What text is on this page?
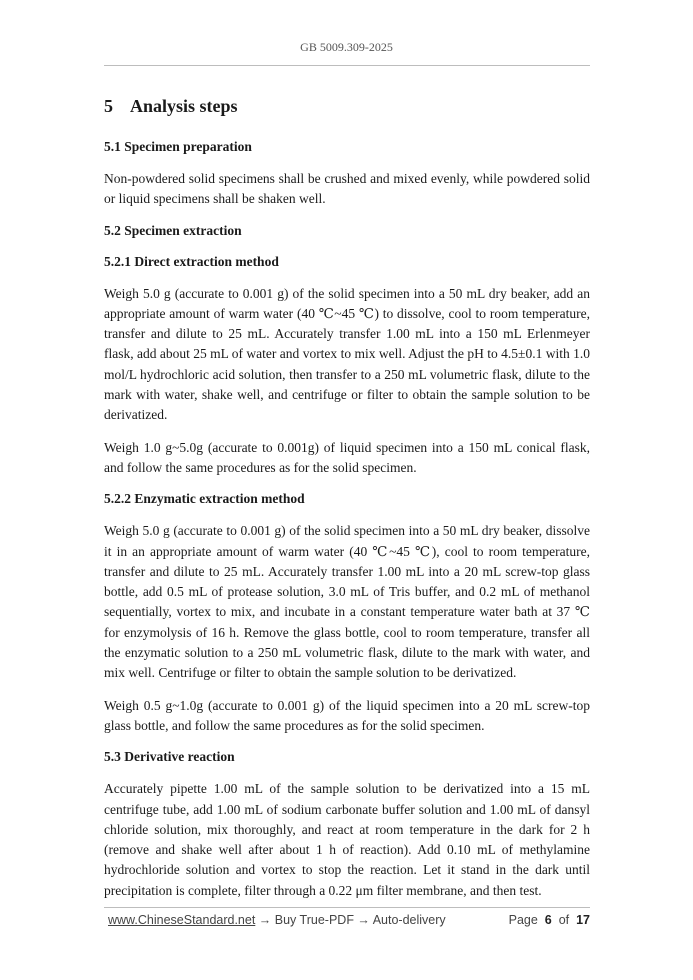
GB 5009.309-2025
5 Analysis steps
5.1 Specimen preparation

Non-powdered solid specimens shall be crushed and mixed evenly, while powdered solid or liquid specimens shall be shaken well.

5.2 Specimen extraction
5.2.1 Direct extraction method

Weigh 5.0 g (accurate to 0.001 g) of the solid specimen into a 50 mL dry beaker, add an appropriate amount of warm water (40 ℃~45 ℃) to dissolve, cool to room temperature, transfer and dilute to 25 mL. Accurately transfer 1.00 mL into a 150 mL Erlenmeyer flask, add about 25 mL of water and vortex to mix well. Adjust the pH to 4.5±0.1 with 1.0 mol/L hydrochloric acid solution, then transfer to a 250 mL volumetric flask, dilute to the mark with water, shake well, and centrifuge or filter to obtain the sample solution to be derivatized.

Weigh 1.0 g~5.0g (accurate to 0.001g) of liquid specimen into a 150 mL conical flask, and follow the same procedures as for the solid specimen.

5.2.2 Enzymatic extraction method

Weigh 5.0 g (accurate to 0.001 g) of the solid specimen into a 50 mL dry beaker, dissolve it in an appropriate amount of warm water (40 ℃~45 ℃), cool to room temperature, transfer and dilute to 25 mL. Accurately transfer 1.00 mL into a 20 mL screw-top glass bottle, add 0.5 mL of protease solution, 3.0 mL of Tris buffer, and 0.2 mL of methanol sequentially, vortex to mix, and incubate in a constant temperature water bath at 37 ℃ for enzymolysis of 16 h. Remove the glass bottle, cool to room temperature, transfer all the enzymatic solution to a 250 mL volumetric flask, dilute to the mark with water, and mix well. Centrifuge or filter to obtain the sample solution to be derivatized.

Weigh 0.5 g~1.0g (accurate to 0.001 g) of the liquid specimen into a 20 mL screw-top glass bottle, and follow the same procedures as for the solid specimen.

5.3 Derivative reaction

Accurately pipette 1.00 mL of the sample solution to be derivatized into a 15 mL centrifuge tube, add 1.00 mL of sodium carbonate buffer solution and 1.00 mL of dansyl chloride solution, mix thoroughly, and react at room temperature in the dark for 2 h (remove and shake well after about 1 h of reaction). Add 0.10 mL of methylamine hydrochloride solution and vortex to stop the reaction. Let it stand in the dark until precipitation is complete, filter through a 0.22 μm filter membrane, and then test.

www.ChineseStandard.net → Buy True-PDF → Auto-delivery	Page 6 of 17
